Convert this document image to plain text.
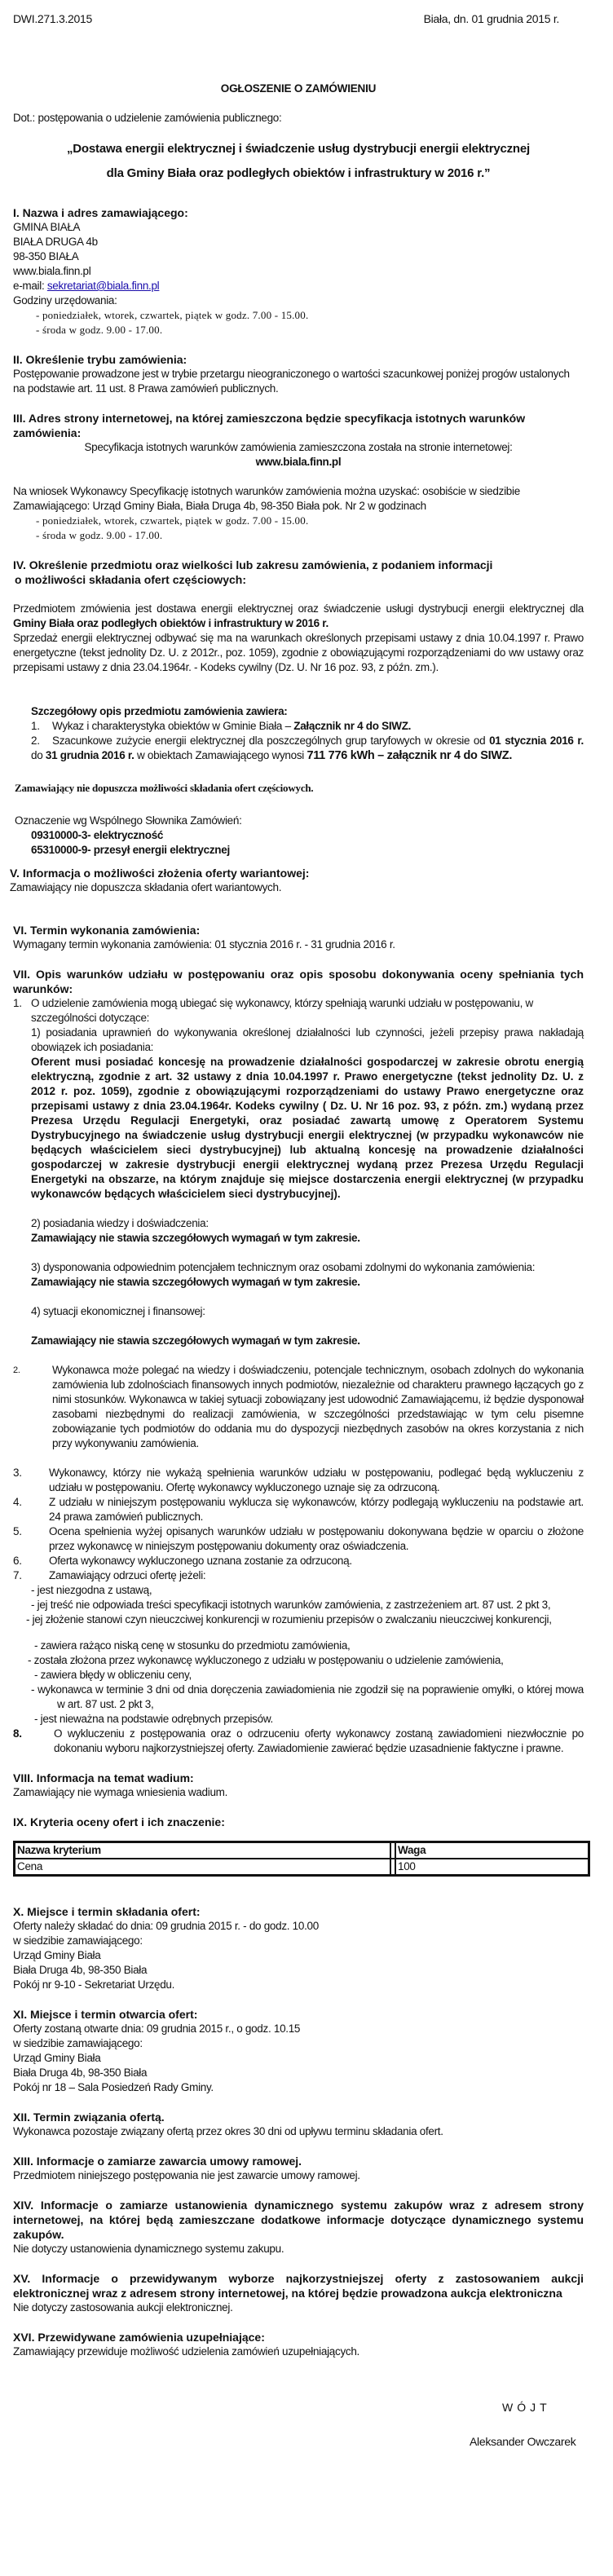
DWI.271.3.2015	Biała, dn. 01 grudnia 2015 r.
OGŁOSZENIE O ZAMÓWIENIU
Dot.: postępowania o udzielenie zamówienia publicznego:
„Dostawa energii elektrycznej i świadczenie usług dystrybucji energii elektrycznej
dla Gminy Biała oraz podległych obiektów i infrastruktury w 2016 r.”
I. Nazwa i adres zamawiającego:
GMINA BIAŁA
BIAŁA DRUGA 4b
98-350 BIAŁA
www.biala.finn.pl
e-mail: sekretariat@biala.finn.pl
Godziny urzędowania:
- poniedziałek, wtorek, czwartek, piątek w godz. 7.00 - 15.00.
- środa w godz. 9.00 - 17.00.
II. Określenie trybu zamówienia:
Postępowanie prowadzone jest w trybie przetargu nieograniczonego o wartości szacunkowej poniżej progów ustalonych na podstawie art. 11 ust. 8 Prawa zamówień publicznych.
III. Adres strony internetowej, na której zamieszczona będzie specyfikacja istotnych warunków zamówienia:
Specyfikacja istotnych warunków zamówienia zamieszczona została na stronie internetowej:
www.biala.finn.pl
Na wniosek Wykonawcy Specyfikację istotnych warunków zamówienia można uzyskać: osobiście w siedzibie Zamawiającego: Urząd Gminy Biała, Biała Druga 4b, 98-350 Biała pok. Nr 2 w godzinach
- poniedziałek, wtorek, czwartek, piątek w godz. 7.00 - 15.00.
- środa w godz. 9.00 - 17.00.
IV. Określenie przedmiotu oraz wielkości lub zakresu zamówienia, z podaniem informacji
o możliwości składania ofert częściowych:
Przedmiotem zmówienia jest dostawa energii elektrycznej oraz świadczenie usługi dystrybucji energii elektrycznej dla Gminy Biała oraz podległych obiektów i infrastruktury w 2016 r.
Sprzedaż energii elektrycznej odbywać się ma na warunkach określonych przepisami ustawy z dnia 10.04.1997 r. Prawo energetyczne (tekst jednolity Dz. U. z 2012r., poz. 1059), zgodnie z obowiązującymi rozporządzeniami do ww ustawy oraz przepisami ustawy z dnia 23.04.1964r. - Kodeks cywilny (Dz. U. Nr 16 poz. 93, z późn. zm.).
Szczegółowy opis przedmiotu zamówienia zawiera:
1.	Wykaz i charakterystyka obiektów w Gminie Biała – Załącznik nr 4 do SIWZ.
2. Szacunkowe zużycie energii elektrycznej dla poszczególnych grup taryfowych w okresie od 01 stycznia 2016 r. do 31 grudnia 2016 r. w obiektach Zamawiającego wynosi 711 776 kWh – załącznik nr 4 do SIWZ.
Zamawiający nie dopuszcza możliwości składania ofert częściowych.
Oznaczenie wg Wspólnego Słownika Zamówień:
09310000-3- elektryczność
65310000-9- przesył energii elektrycznej
V. Informacja o możliwości złożenia oferty wariantowej:
Zamawiający nie dopuszcza składania ofert wariantowych.
VI. Termin wykonania zamówienia:
Wymagany termin wykonania zamówienia: 01 stycznia 2016 r. - 31 grudnia 2016 r.
VII. Opis warunków udziału w postępowaniu oraz opis sposobu dokonywania oceny spełniania tych warunków:
1. O udzielenie zamówienia mogą ubiegać się wykonawcy, którzy spełniają warunki udziału w postępowaniu, w szczególności dotyczące:
1) posiadania uprawnień do wykonywania określonej działalności lub czynności, jeżeli przepisy prawa nakładają obowiązek ich posiadania:
Oferent musi posiadać koncesję na prowadzenie działalności gospodarczej w zakresie obrotu energią elektryczną, zgodnie z art. 32 ustawy z dnia 10.04.1997 r. Prawo energetyczne (tekst jednolity Dz. U. z 2012 r. poz. 1059), zgodnie z obowiązującymi rozporządzeniami do ustawy Prawo energetyczne oraz przepisami ustawy z dnia 23.04.1964r. Kodeks cywilny ( Dz. U. Nr 16 poz. 93, z późn. zm.) wydaną przez Prezesa Urzędu Regulacji Energetyki, oraz posiadać zawartą umowę z Operatorem Systemu Dystrybucyjnego na świadczenie usług dystrybucji energii elektrycznej (w przypadku wykonawców nie będących właścicielem sieci dystrybucyjnej) lub aktualną koncesję na prowadzenie działalności gospodarczej w zakresie dystrybucji energii elektrycznej wydaną przez Prezesa Urzędu Regulacji Energetyki na obszarze, na którym znajduje się miejsce dostarczenia energii elektrycznej (w przypadku wykonawców będących właścicielem sieci dystrybucyjnej).
2) posiadania wiedzy i doświadczenia:
Zamawiający nie stawia szczegółowych wymagań w tym zakresie.
3) dysponowania odpowiednim potencjałem technicznym oraz osobami zdolnymi do wykonania zamówienia:
Zamawiający nie stawia szczegółowych wymagań w tym zakresie.
4) sytuacji ekonomicznej i finansowej:
Zamawiający nie stawia szczegółowych wymagań w tym zakresie.
2.	Wykonawca może polegać na wiedzy i doświadczeniu, potencjale technicznym, osobach zdolnych do wykonania zamówienia lub zdolnościach finansowych innych podmiotów, niezależnie od charakteru prawnego łączących go z nimi stosunków. Wykonawca w takiej sytuacji zobowiązany jest udowodnić Zamawiającemu, iż będzie dysponował zasobami niezbędnymi do realizacji zamówienia, w szczególności przedstawiając w tym celu pisemne zobowiązanie tych podmiotów do oddania mu do dyspozycji niezbędnych zasobów na okres korzystania z nich przy wykonywaniu zamówienia.
3.	Wykonawcy, którzy nie wykażą spełnienia warunków udziału w postępowaniu, podlegać będą wykluczeniu z udziału w postępowaniu. Ofertę wykonawcy wykluczonego uznaje się za odrzuconą.
4.	Z udziału w niniejszym postępowaniu wyklucza się wykonawców, którzy podlegają wykluczeniu na podstawie art. 24 prawa zamówień publicznych.
5.	Ocena spełnienia wyżej opisanych warunków udziału w postępowaniu dokonywana będzie w oparciu o złożone przez wykonawcę w niniejszym postępowaniu dokumenty oraz oświadczenia.
6.	Oferta wykonawcy wykluczonego uznana zostanie za odrzuconą.
7.	Zamawiający odrzuci ofertę jeżeli:
- jest niezgodna z ustawą,
- jej treść nie odpowiada treści specyfikacji istotnych warunków zamówienia, z zastrzeżeniem art. 87 ust. 2 pkt 3,
- jej złożenie stanowi czyn nieuczciwej konkurencji w rozumieniu przepisów o zwalczaniu nieuczciwej konkurencji,
- zawiera rażąco niską cenę w stosunku do przedmiotu zamówienia,
- została złożona przez wykonawcę wykluczonego z udziału w postępowaniu o udzielenie zamówienia,
- zawiera błędy w obliczeniu ceny,
- wykonawca w terminie 3 dni od dnia doręczenia zawiadomienia nie zgodził się na poprawienie omyłki, o której mowa w art. 87 ust. 2 pkt 3,
- jest nieważna na podstawie odrębnych przepisów.
8.	O wykluczeniu z postępowania oraz o odrzuceniu oferty wykonawcy zostaną zawiadomieni niezwłocznie po dokonaniu wyboru najkorzystniejszej oferty. Zawiadomienie zawierać będzie uzasadnienie faktyczne i prawne.
VIII. Informacja na temat wadium:
Zamawiający nie wymaga wniesienia wadium.
IX. Kryteria oceny ofert i ich znaczenie:
Nazwa kryterium		Waga
Cena		100
X. Miejsce i termin składania ofert:
Oferty należy składać do dnia: 09 grudnia 2015 r. - do godz. 10.00
w siedzibie zamawiającego:
Urząd Gminy Biała
Biała Druga 4b, 98-350 Biała
Pokój nr 9-10 - Sekretariat Urzędu.
XI. Miejsce i termin otwarcia ofert:
Oferty zostaną otwarte dnia: 09 grudnia 2015 r., o godz. 10.15
w siedzibie zamawiającego:
Urząd Gminy Biała
Biała Druga 4b, 98-350 Biała
Pokój nr 18 – Sala Posiedzeń Rady Gminy.
XII. Termin związania ofertą.
Wykonawca pozostaje związany ofertą przez okres 30 dni od upływu terminu składania ofert.
XIII. Informacje o zamiarze zawarcia umowy ramowej.
Przedmiotem niniejszego postępowania nie jest zawarcie umowy ramowej.
XIV. Informacje o zamiarze ustanowienia dynamicznego systemu zakupów wraz z adresem strony internetowej, na której będą zamieszczane dodatkowe informacje dotyczące dynamicznego systemu zakupów.
Nie dotyczy ustanowienia dynamicznego systemu zakupu.
XV. Informacje o przewidywanym wyborze najkorzystniejszej oferty z zastosowaniem aukcji elektronicznej wraz z adresem strony internetowej, na której będzie prowadzona aukcja elektroniczna
Nie dotyczy zastosowania aukcji elektronicznej.
XVI. Przewidywane zamówienia uzupełniające:
Zamawiający przewiduje możliwość udzielenia zamówień uzupełniających.
WÓJT
Aleksander Owczarek
